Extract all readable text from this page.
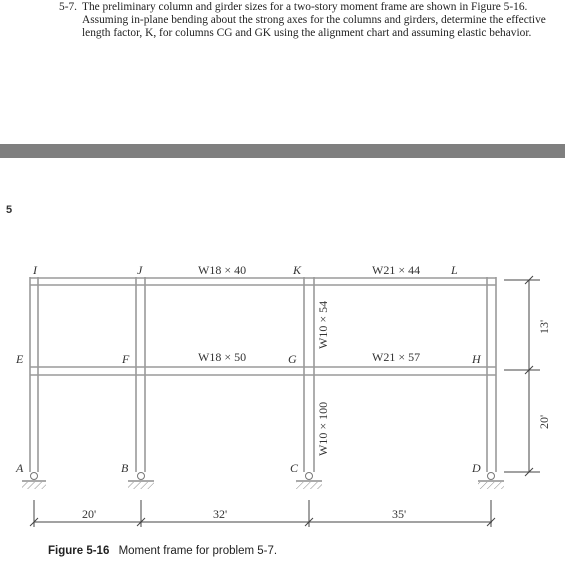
5-7. The preliminary column and girder sizes for a two-story moment frame are shown in Figure 5-16. Assuming in-plane bending about the strong axes for the columns and girders, determine the effective length factor, K, for columns CG and GK using the alignment chart and assuming elastic behavior.
5
I	J	K	L
E	F	G	H
A	B	C	D
W18 × 40	W21 × 44
W18 × 50	W21 × 57
W10 × 54
W10 × 100
20'	32'	35'
13'
20'
Figure 5-16 Moment frame for problem 5-7.
